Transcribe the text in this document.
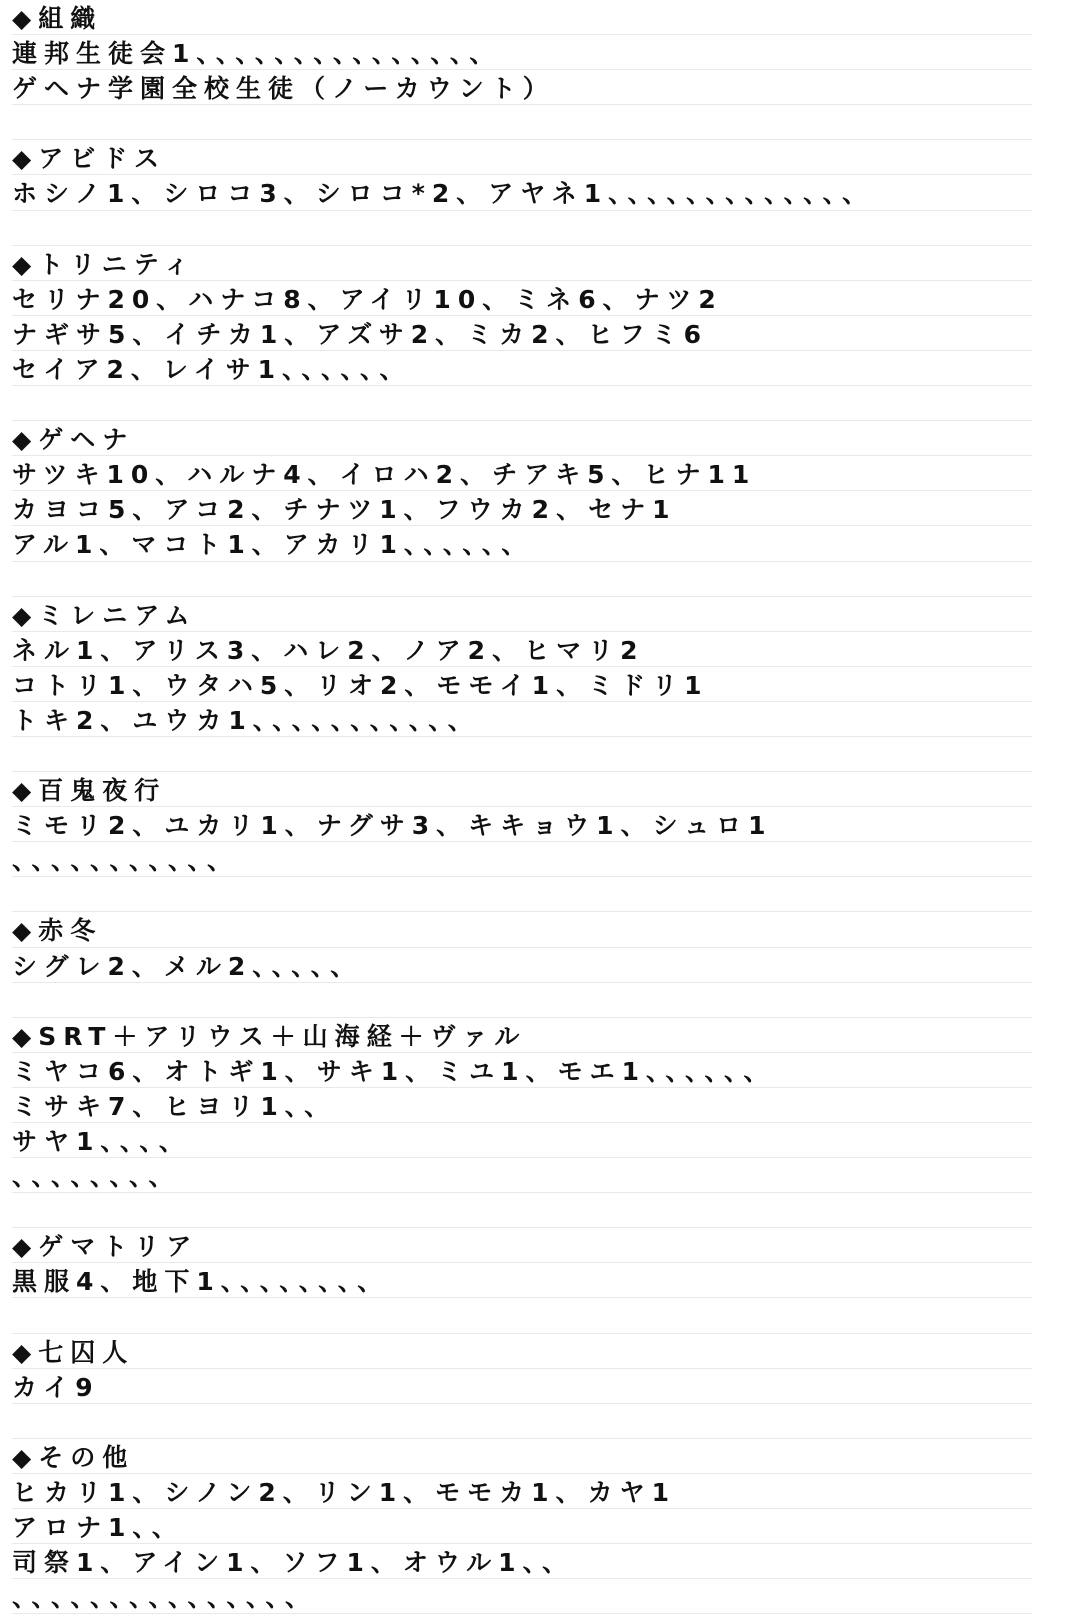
◆組織
連邦生徒会1、、、、、、、、、、、、、、、
ゲヘナ学園全校生徒（ノーカウント）
◆アビドス
ホシノ1、シロコ3、シロコ*2、アヤネ1、、、、、、、、、、、、、
◆トリニティ
セリナ20、ハナコ8、アイリ10、ミネ6、ナツ2
ナギサ5、イチカ1、アズサ2、ミカ2、ヒフミ6
セイア2、レイサ1、、、、、、
◆ゲヘナ
サツキ10、ハルナ4、イロハ2、チアキ5、ヒナ11
カヨコ5、アコ2、チナツ1、フウカ2、セナ1
アル1、マコト1、アカリ1、、、、、、
◆ミレニアム
ネル1、アリス3、ハレ2、ノア2、ヒマリ2
コトリ1、ウタハ5、リオ2、モモイ1、ミドリ1
トキ2、ユウカ1、、、、、、、、、、、
◆百鬼夜行
ミモリ2、ユカリ1、ナグサ3、キキョウ1、シュロ1
、、、、、、、、、、、
◆赤冬
シグレ2、メル2、、、、、
◆SRT＋アリウス＋山海経＋ヴァル
ミヤコ6、オトギ1、サキ1、ミユ1、モエ1、、、、、、
ミサキ7、ヒヨリ1、、
サヤ1、、、、
、、、、、、、、
◆ゲマトリア
黒服4、地下1、、、、、、、、
◆七囚人
カイ9
◆その他
ヒカリ1、シノン2、リン1、モモカ1、カヤ1
アロナ1、、
司祭1、アイン1、ソフ1、オウル1、、
、、、、、、、、、、、、、、、
